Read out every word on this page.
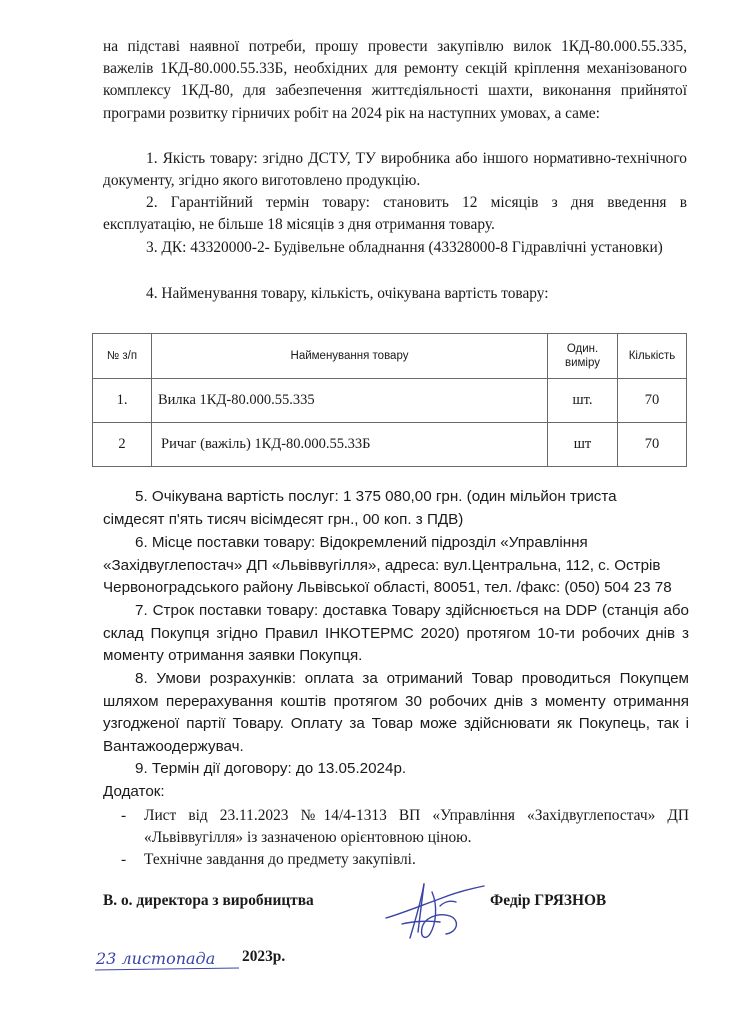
на підставі наявної потреби, прошу провести закупівлю вилок 1КД-80.000.55.335, важелів 1КД-80.000.55.33Б, необхідних для ремонту секцій кріплення механізованого комплексу 1КД-80, для забезпечення життєдіяльності шахти, виконання прийнятої програми розвитку гірничих робіт на 2024 рік на наступних умовах, а саме:

1. Якість товару: згідно ДСТУ, ТУ виробника або іншого нормативно-технічного документу, згідно якого виготовлено продукцію.

2. Гарантійний термін товару: становить 12 місяців з дня введення в експлуатацію, не більше 18 місяців з дня отримання товару.

3. ДК: 43320000-2- Будівельне обладнання (43328000-8 Гідравлічні установки)

4. Найменування товару, кількість, очікувана вартість товару:

№ з/п	Найменування товару	Один. виміру	Кількість
1.	Вилка 1КД-80.000.55.335	шт.	70
2	Ричаг (важіль) 1КД-80.000.55.33Б	шт	70

5. Очікувана вартість послуг: 1 375 080,00 грн. (один мільйон триста сімдесят п'ять тисяч вісімдесят грн., 00 коп. з ПДВ)

6. Місце поставки товару: Відокремлений підрозділ «Управління «Західвуглепостач» ДП «Львіввугілля», адреса: вул.Центральна, 112, с. Острів Червоноградського району Львівської області, 80051, тел. /факс: (050) 504 23 78

7. Строк поставки товару: доставка Товару здійснюється на DDP (станція або склад Покупця згідно Правил ІНКОТЕРМС 2020) протягом 10-ти робочих днів з моменту отримання заявки Покупця.

8. Умови розрахунків: оплата за отриманий Товар проводиться Покупцем шляхом перерахування коштів протягом 30 робочих днів з моменту отримання узгодженої партії Товару. Оплату за Товар може здійснювати як Покупець, так і Вантажоодержувач.

9. Термін дії договору: до 13.05.2024р.

Додаток:

- Лист від 23.11.2023 №14/4-1313 ВП «Управління «Західвуглепостач» ДП «Львіввугілля» із зазначеною орієнтовною ціною.
- Технічне завдання до предмету закупівлі.
В. о. директора з виробництва	Федір ГРЯЗНОВ
23 листопада 2023р.
